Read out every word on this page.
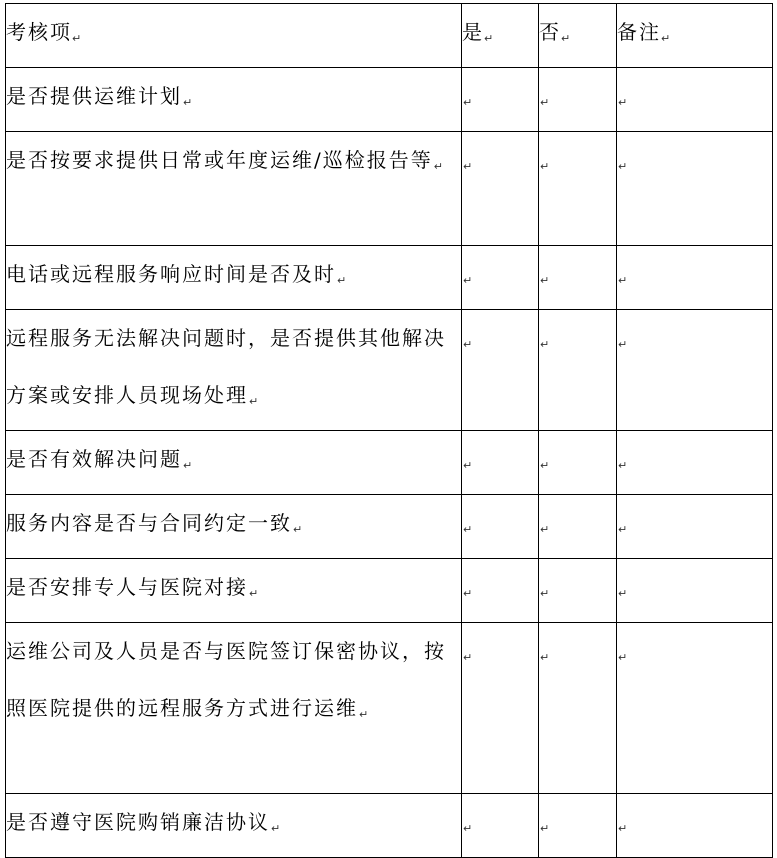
考核项↵	是↵	否↵	备注↵
是否提供运维计划↵	↵	↵	↵
是否按要求提供日常或年度运维/巡检报告等↵	↵	↵	↵
电话或远程服务响应时间是否及时↵	↵	↵	↵
远程服务无法解决问题时，是否提供其他解决方案或安排人员现场处理↵	↵	↵	↵
是否有效解决问题↵	↵	↵	↵
服务内容是否与合同约定一致↵	↵	↵	↵
是否安排专人与医院对接↵	↵	↵	↵
运维公司及人员是否与医院签订保密协议，按照医院提供的远程服务方式进行运维↵	↵	↵	↵
是否遵守医院购销廉洁协议↵	↵	↵	↵
